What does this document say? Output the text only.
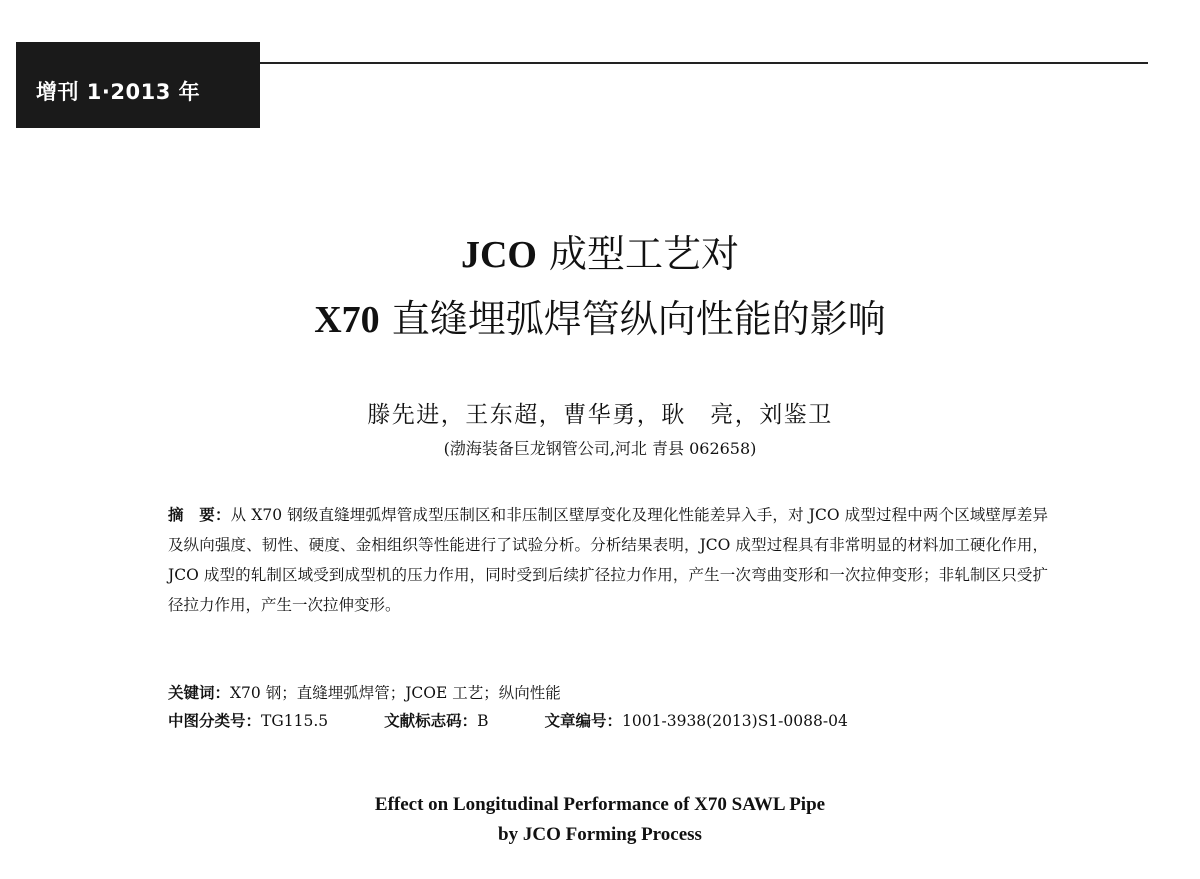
增刊 1·2013 年
JCO 成型工艺对
X70 直缝埋弧焊管纵向性能的影响
滕先进，王东超，曹华勇，耿　亮，刘鉴卫
(渤海装备巨龙钢管公司,河北 青县 062658)
摘　要：从 X70 钢级直缝埋弧焊管成型压制区和非压制区壁厚变化及理化性能差异入手，对 JCO 成型过程中两个区域壁厚差异及纵向强度、韧性、硬度、金相组织等性能进行了试验分析。分析结果表明，JCO 成型过程具有非常明显的材料加工硬化作用，JCO 成型的轧制区域受到成型机的压力作用，同时受到后续扩径拉力作用，产生一次弯曲变形和一次拉伸变形；非轧制区只受扩径拉力作用，产生一次拉伸变形。
关键词：X70 钢；直缝埋弧焊管；JCOE 工艺；纵向性能
中图分类号：TG115.5	文献标志码：B	文章编号：1001-3938(2013)S1-0088-04
Effect on Longitudinal Performance of X70 SAWL Pipe
by JCO Forming Process
